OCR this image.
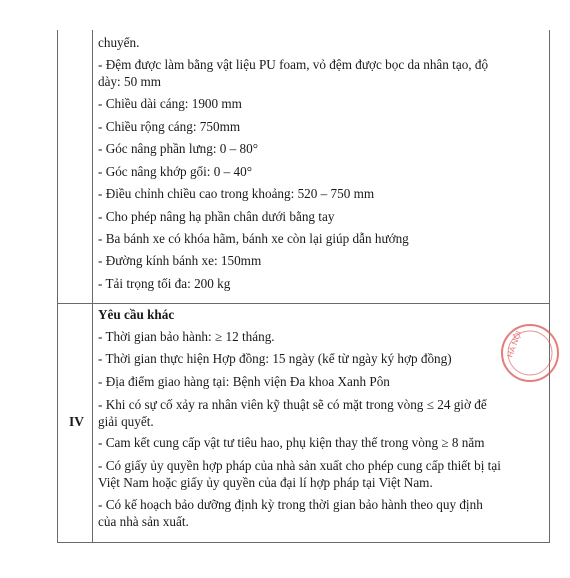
chuyển.
- Đệm được làm bằng vật liệu PU foam, vỏ đệm được bọc da nhân tạo, độ
dày: 50 mm
- Chiều dài cáng: 1900 mm
- Chiều rộng cáng: 750mm
- Góc nâng phần lưng: 0 – 80°
- Góc nâng khớp gối: 0 – 40°
- Điều chỉnh chiều cao trong khoảng: 520 – 750 mm
- Cho phép nâng hạ phần chân dưới bằng tay
- Ba bánh xe có khóa hãm, bánh xe còn lại giúp dẫn hướng
- Đường kính bánh xe: 150mm
- Tải trọng tối đa: 200 kg
IV
Yêu cầu khác
- Thời gian bảo hành: ≥ 12 tháng.
- Thời gian thực hiện Hợp đồng: 15 ngày (kể từ ngày ký hợp đồng)
- Địa điểm giao hàng tại: Bệnh viện Đa khoa Xanh Pôn
- Khi có sự cố xảy ra nhân viên kỹ thuật sẽ có mặt trong vòng ≤ 24 giờ để
giải quyết.
- Cam kết cung cấp vật tư tiêu hao, phụ kiện thay thế trong vòng ≥ 8 năm
- Có giấy ủy quyền hợp pháp của nhà sản xuất cho phép cung cấp thiết bị tại
Việt Nam hoặc giấy ủy quyền của đại lí hợp pháp tại Việt Nam.
- Có kế hoạch bảo dưỡng định kỳ trong thời gian bảo hành theo quy định
của nhà sản xuất.
HÀ NỘI
